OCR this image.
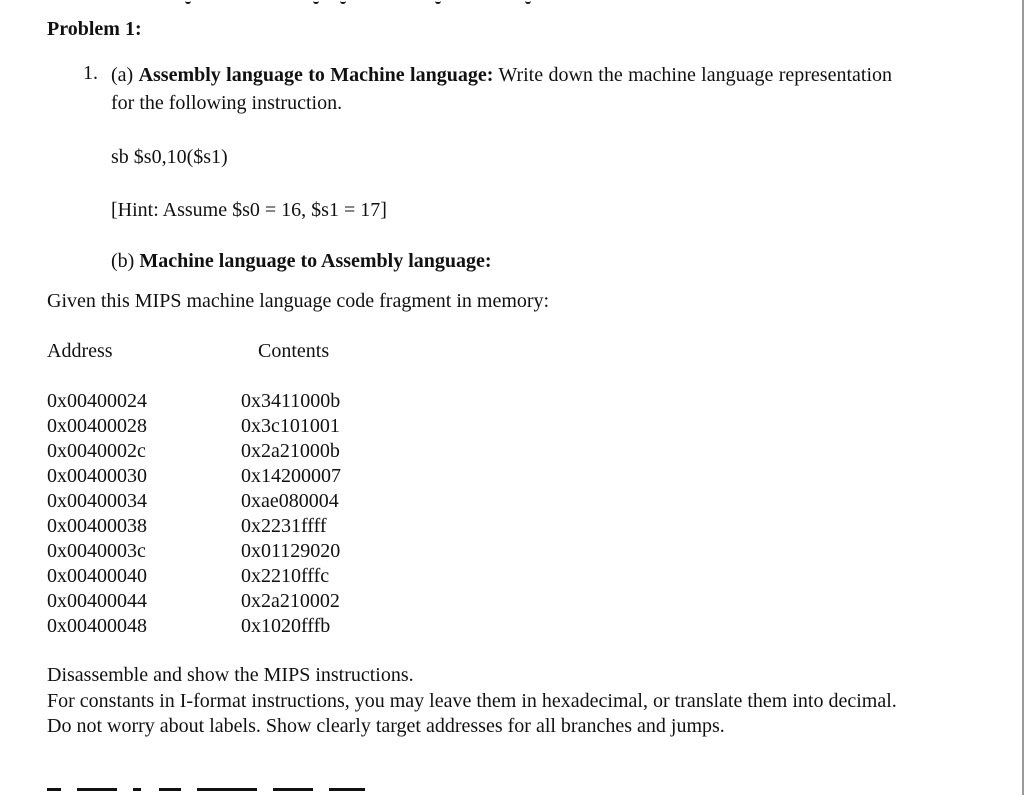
Problem 1:
1. (a) Assembly language to Machine language: Write down the machine language representation for the following instruction.
sb $s0,10($s1)
[Hint: Assume $s0 = 16, $s1 = 17]
(b) Machine language to Assembly language:
Given this MIPS machine language code fragment in memory:
Address	Contents
0x00400024	0x3411000b
0x00400028	0x3c101001
0x0040002c	0x2a21000b
0x00400030	0x14200007
0x00400034	0xae080004
0x00400038	0x2231ffff
0x0040003c	0x01129020
0x00400040	0x2210fffc
0x00400044	0x2a210002
0x00400048	0x1020fffb

Disassemble and show the MIPS instructions.

For constants in I-format instructions, you may leave them in hexadecimal, or translate them into decimal.

Do not worry about labels. Show clearly target addresses for all branches and jumps.
